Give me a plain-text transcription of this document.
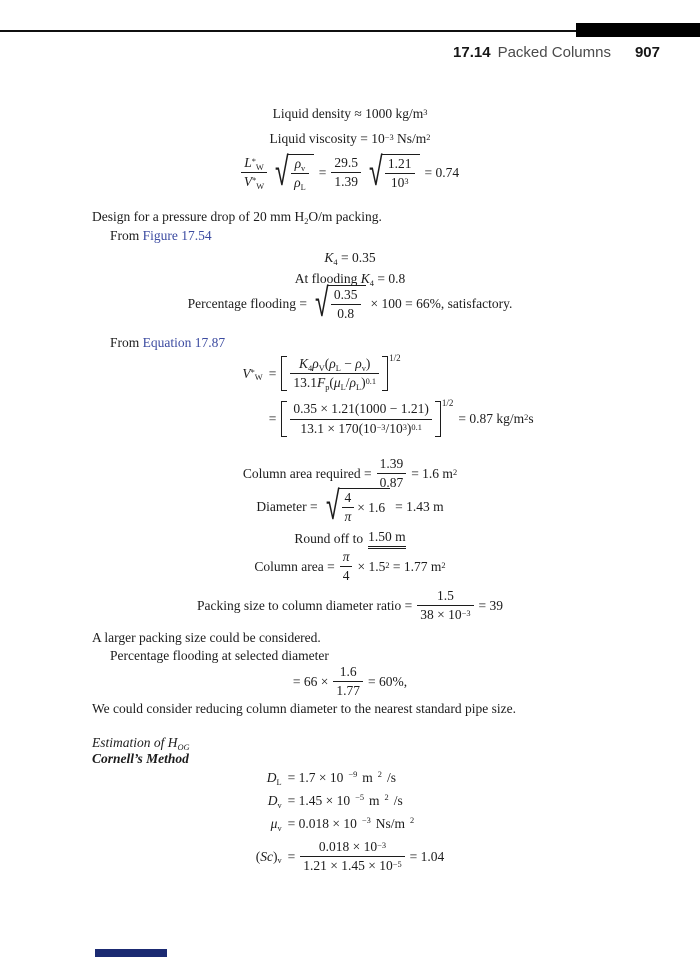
17.14 Packed Columns 907
Liquid density ≈ 1000 $kg/m^3$
Liquid viscosity = $10^{-3}$ $Ns/m^2$
$\frac{L^*_W}{V^*_W}$ √ $\frac{\rho_v}{\rho_L} = \frac{29.5}{1.39}$ √ $\frac{1.21}{10^3} = 0.74$
Design for a pressure drop of 20 mm $H_2O/m$ packing.
From Figure 17.54
$K_4 = 0.35$
At flooding $K_4 = 0.8$
Percentage flooding = √ $\frac{0.35}{0.8} \times 100 = 66\%$, satisfactory.
From Equation 17.87
$V^*_W = \frac{K_4\rho_V(\rho_L - \rho_v)}{13.1F_p(\mu_L/\rho_L)^{0.1}} 1/2$
= $\frac{0.35 \times 1.21(1000 - 1.21)}{13.1 \times 170(10^{-3}/10^3)^{0.1}} 1/2$
= 0.87 $kg/m^2s$
Column area required = $\frac{1.39}{0.87} = 1.6$ $m^2$
Diameter = √ $\frac{4}{\pi} \times 1.6 = 1.43$ m
Round off to 1.50 m
Column area = $\frac{\pi}{4} \times 1.5^2 = 1.77$ $m^2$
Packing size to column diameter ratio = $\frac{1.5}{38 \times 10^{-3}} = 39$
A larger packing size could be considered.
Percentage flooding at selected diameter
= $66 \times \frac{1.6}{1.77} = 60\%$,
We could consider reducing column diameter to the nearest standard pipe size.
Estimation of $H_{OG}$
Cornell’s Method
$D_L = 1.7 \times 10$ $^{-9}$ m $^2$ /s
$D_v = 1.45 \times 10$ $^{-5}$ m $^2$ /s
$\mu_v = 0.018 \times 10$ $^{-3}$ Ns/m $^2$
$(Sc)_v = \frac{0.018 \times 10^{-3}}{1.21 \times 1.45 \times 10^{-5}} = 1.04$
